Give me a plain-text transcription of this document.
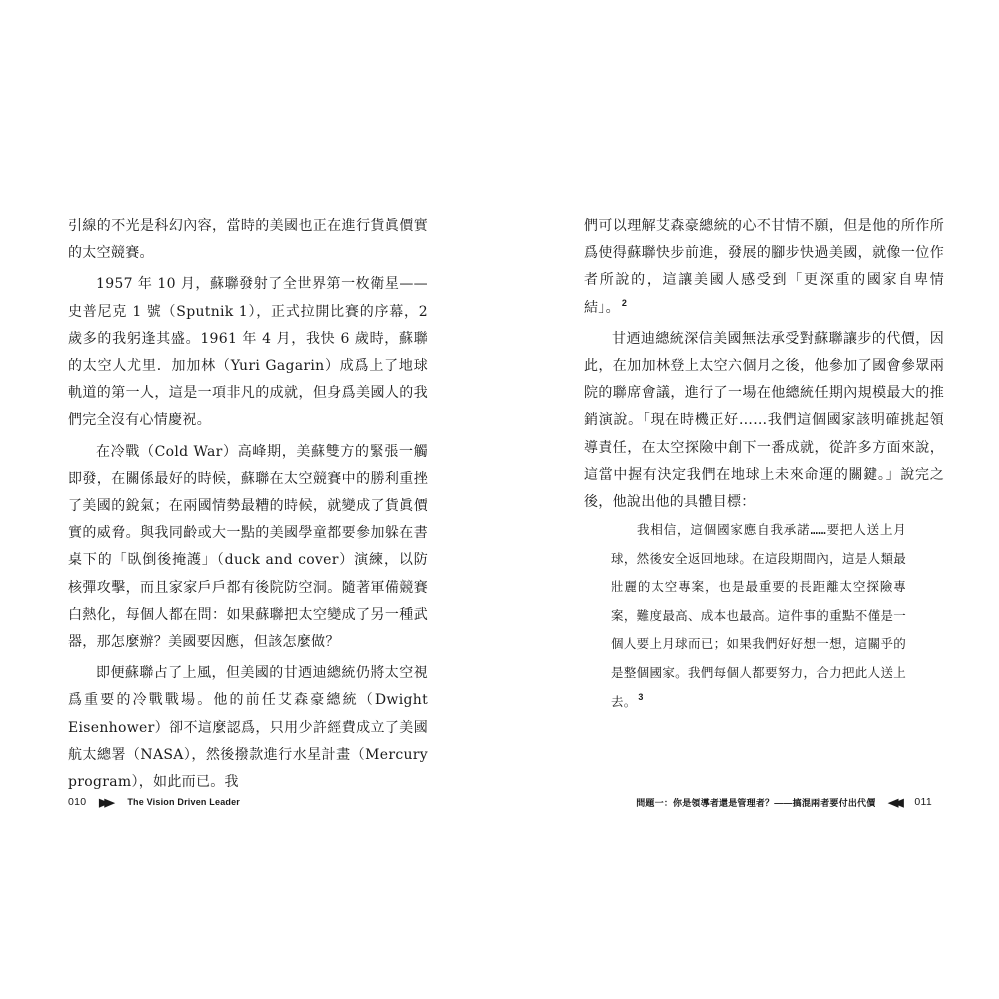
引線的不光是科幻內容，當時的美國也正在進行貨眞價實的太空競賽。

1957 年 10 月，蘇聯發射了全世界第一枚衛星——史普尼克 1 號（Sputnik 1），正式拉開比賽的序幕，2 歲多的我躬逢其盛。1961 年 4 月，我快 6 歲時，蘇聯的太空人尤里．加加林（Yuri Gagarin）成爲上了地球軌道的第一人，這是一項非凡的成就，但身爲美國人的我們完全沒有心情慶祝。

在冷戰（Cold War）高峰期，美蘇雙方的緊張一觸即發，在關係最好的時候，蘇聯在太空競賽中的勝利重挫了美國的銳氣；在兩國情勢最糟的時候，就變成了貨眞價實的威脅。與我同齡或大一點的美國學童都要參加躲在書桌下的「臥倒後掩護」（duck and cover）演練，以防核彈攻擊，而且家家戶戶都有後院防空洞。隨著軍備競賽白熱化，每個人都在問：如果蘇聯把太空變成了另一種武器，那怎麼辦？美國要因應，但該怎麼做？

即便蘇聯占了上風，但美國的甘迺迪總統仍將太空視爲重要的冷戰戰場。他的前任艾森豪總統（Dwight Eisenhower）卻不這麼認爲，只用少許經費成立了美國航太總署（NASA），然後撥款進行水星計畫（Mercury program），如此而已。我

們可以理解艾森豪總統的心不甘情不願，但是他的所作所爲使得蘇聯快步前進，發展的腳步快過美國，就像一位作者所說的，這讓美國人感受到「更深重的國家自卑情結」。 $^2$

甘迺迪總統深信美國無法承受對蘇聯讓步的代價，因此，在加加林登上太空六個月之後，他參加了國會參眾兩院的聯席會議，進行了一場在他總統任期內規模最大的推銷演說。「現在時機正好……我們這個國家該明確挑起領導責任，在太空探險中創下一番成就，從許多方面來說，這當中握有決定我們在地球上未來命運的關鍵。」說完之後，他說出他的具體目標：

我相信，這個國家應自我承諾……要把人送上月球，然後安全返回地球。在這段期間內，這是人類最壯麗的太空專案，也是最重要的長距離太空探險專案，難度最高、成本也最高。這件事的重點不僅是一個人要上月球而已；如果我們好好想一想，這關乎的是整個國家。我們每個人都要努力，合力把此人送上去。 $^3$
010 ▶▶ The Vision Driven Leader	問題一：你是領導者還是管理者？——搞混兩者要付出代價 ◀◀ 011
